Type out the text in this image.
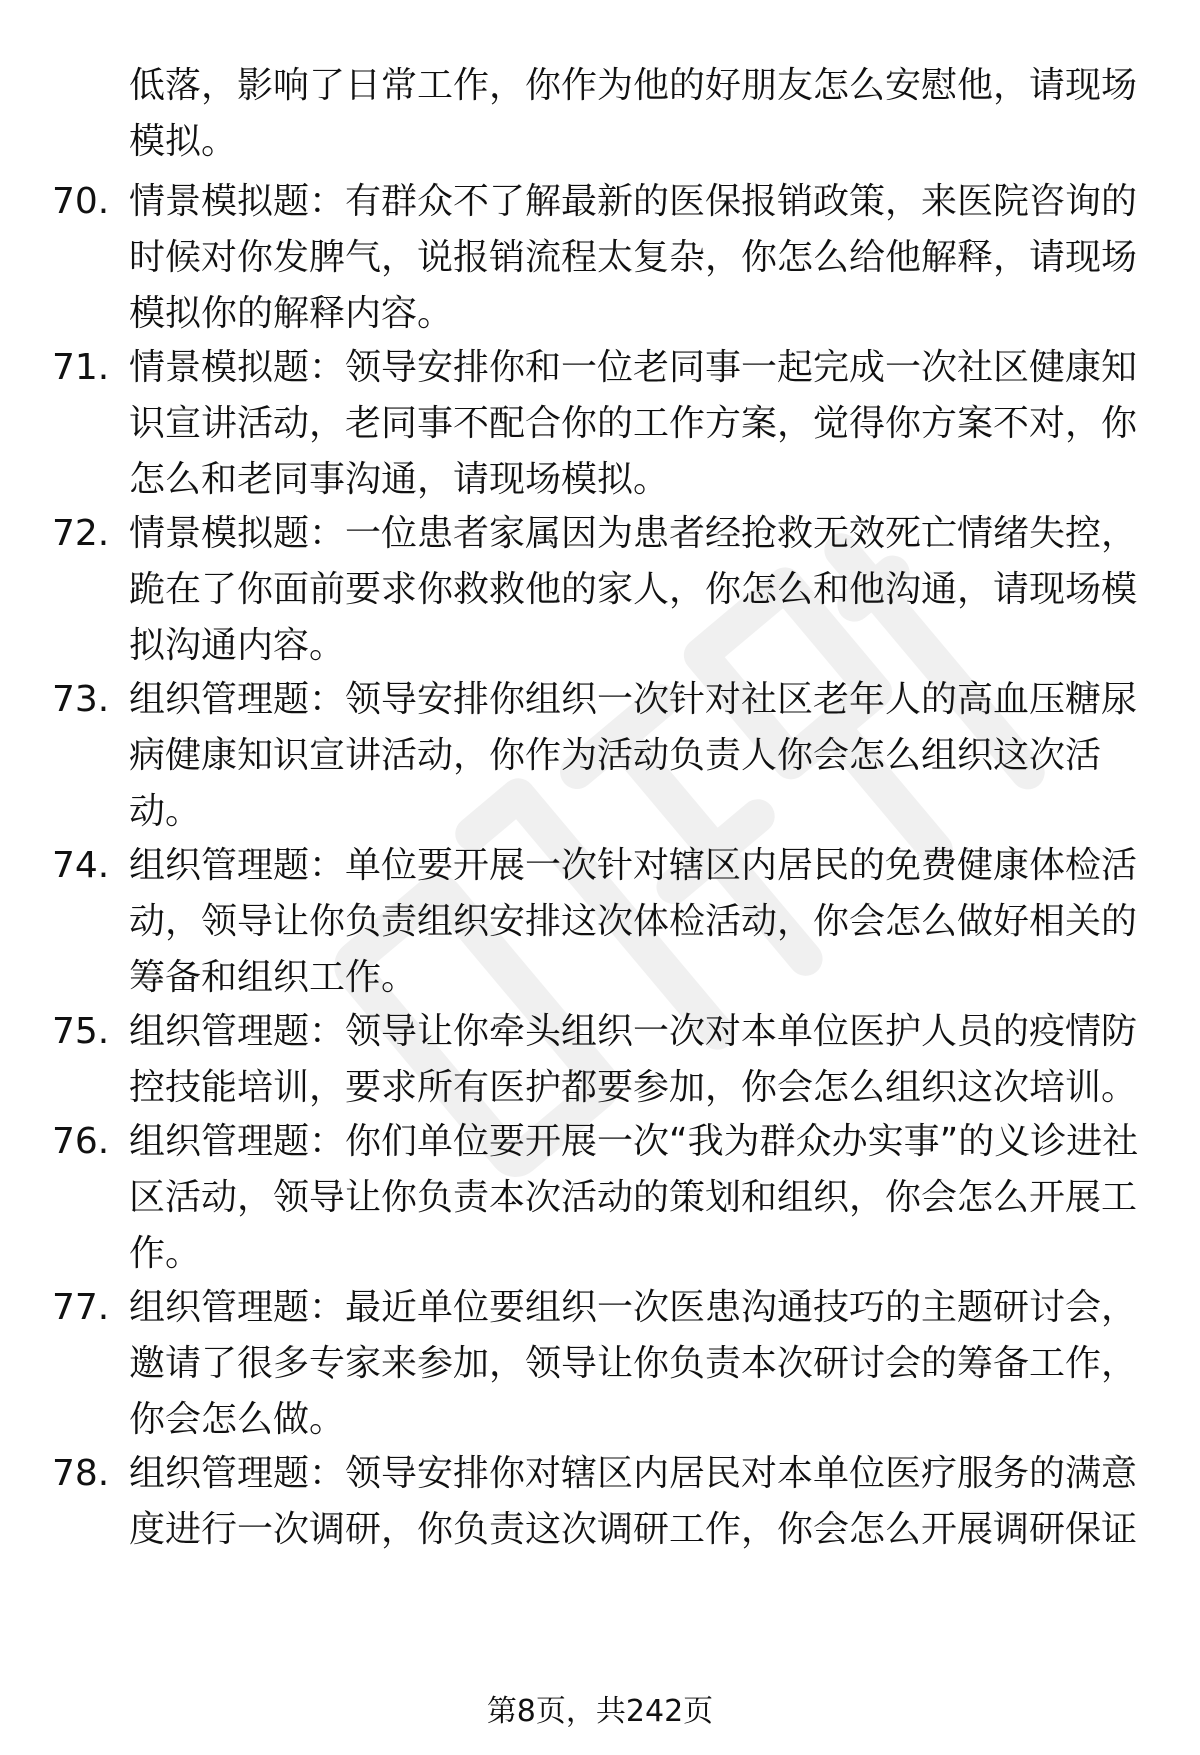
低落，影响了日常工作，你作为他的好朋友怎么安慰他，请现场模拟。

70. 情景模拟题：有群众不了解最新的医保报销政策，来医院咨询的时候对你发脾气，说报销流程太复杂，你怎么给他解释，请现场模拟你的解释内容。

71. 情景模拟题：领导安排你和一位老同事一起完成一次社区健康知识宣讲活动，老同事不配合你的工作方案，觉得你方案不对，你怎么和老同事沟通，请现场模拟。

72. 情景模拟题：一位患者家属因为患者经抢救无效死亡情绪失控，跪在了你面前要求你救救他的家人，你怎么和他沟通，请现场模拟沟通内容。

73. 组织管理题：领导安排你组织一次针对社区老年人的高血压糖尿病健康知识宣讲活动，你作为活动负责人你会怎么组织这次活动。

74. 组织管理题：单位要开展一次针对辖区内居民的免费健康体检活动，领导让你负责组织安排这次体检活动，你会怎么做好相关的筹备和组织工作。

75. 组织管理题：领导让你牵头组织一次对本单位医护人员的疫情防控技能培训，要求所有医护都要参加，你会怎么组织这次培训。

76. 组织管理题：你们单位要开展一次“我为群众办实事”的义诊进社区活动，领导让你负责本次活动的策划和组织，你会怎么开展工作。

77. 组织管理题：最近单位要组织一次医患沟通技巧的主题研讨会，邀请了很多专家来参加，领导让你负责本次研讨会的筹备工作，你会怎么做。

78. 组织管理题：领导安排你对辖区内居民对本单位医疗服务的满意度进行一次调研，你负责这次调研工作，你会怎么开展调研保证

第8页，共242页
